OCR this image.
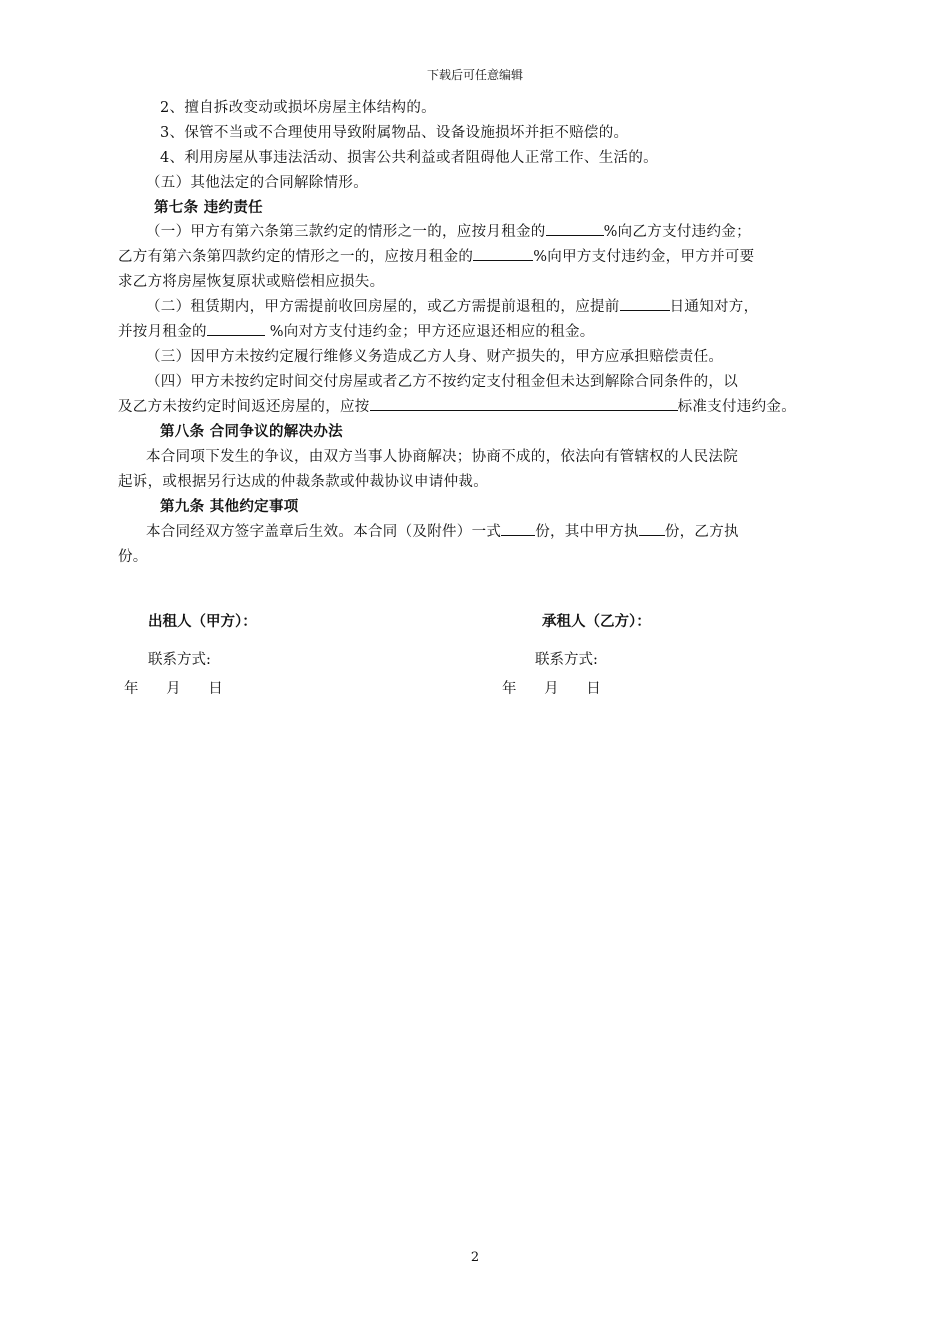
下载后可任意编辑
2、擅自拆改变动或损坏房屋主体结构的。
3、保管不当或不合理使用导致附属物品、设备设施损坏并拒不赔偿的。
4、利用房屋从事违法活动、损害公共利益或者阻碍他人正常工作、生活的。
（五）其他法定的合同解除情形。
第七条 违约责任
（一）甲方有第六条第三款约定的情形之一的，应按月租金的	%向乙方支付违约金；
乙方有第六条第四款约定的情形之一的，应按月租金的	%向甲方支付违约金，甲方并可要
求乙方将房屋恢复原状或赔偿相应损失。
（二）租赁期内，甲方需提前收回房屋的，或乙方需提前退租的，应提前	日通知对方，
并按月租金的	%向对方支付违约金；甲方还应退还相应的租金。
（三）因甲方未按约定履行维修义务造成乙方人身、财产损失的，甲方应承担赔偿责任。
（四）甲方未按约定时间交付房屋或者乙方不按约定支付租金但未达到解除合同条件的，以
及乙方未按约定时间返还房屋的，应按	标准支付违约金。
第八条 合同争议的解决办法
本合同项下发生的争议，由双方当事人协商解决；协商不成的，依法向有管辖权的人民法院
起诉，或根据另行达成的仲裁条款或仲裁协议申请仲裁。
第九条 其他约定事项
本合同经双方签字盖章后生效。本合同（及附件）一式 份，其中甲方执 份，乙方执
份。
出租人（甲方）：	承租人（乙方）：
联系方式:	联系方式:
年      月      日	年      月      日
2
